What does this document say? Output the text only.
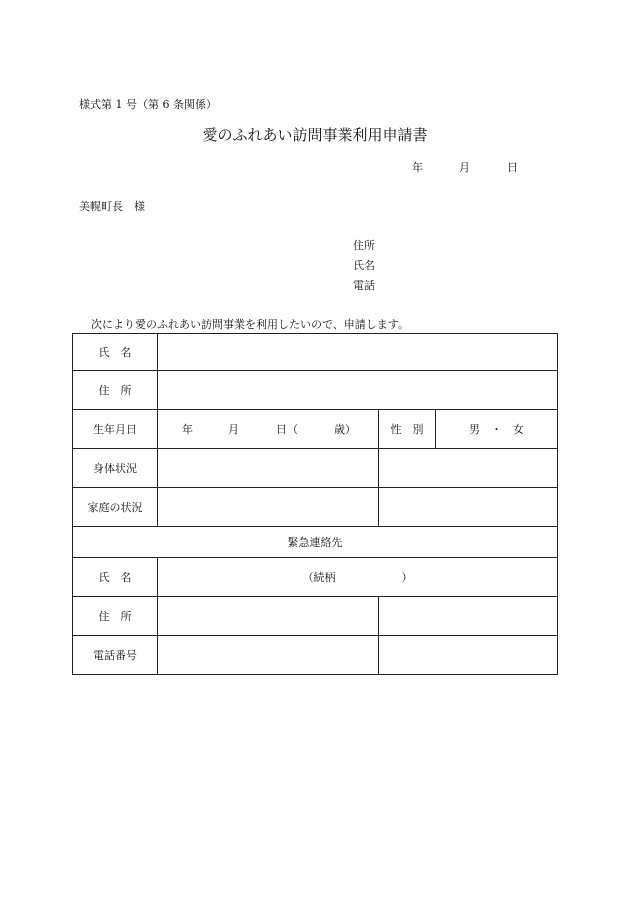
様式第 1 号（第 6 条関係）
愛のふれあい訪問事業利用申請書
年	月	日
美幌町長　様
住所
氏名
電話
次により愛のふれあい訪問事業を利用したいので、申請します。
氏　名			
住　所			
生年月日	年 月 日（ 歳）	性　別	男　・　女
身体状況			
家庭の状況			
緊急連絡先			
氏　名	（続柄　　　　　　）		
住　所			
電話番号			
